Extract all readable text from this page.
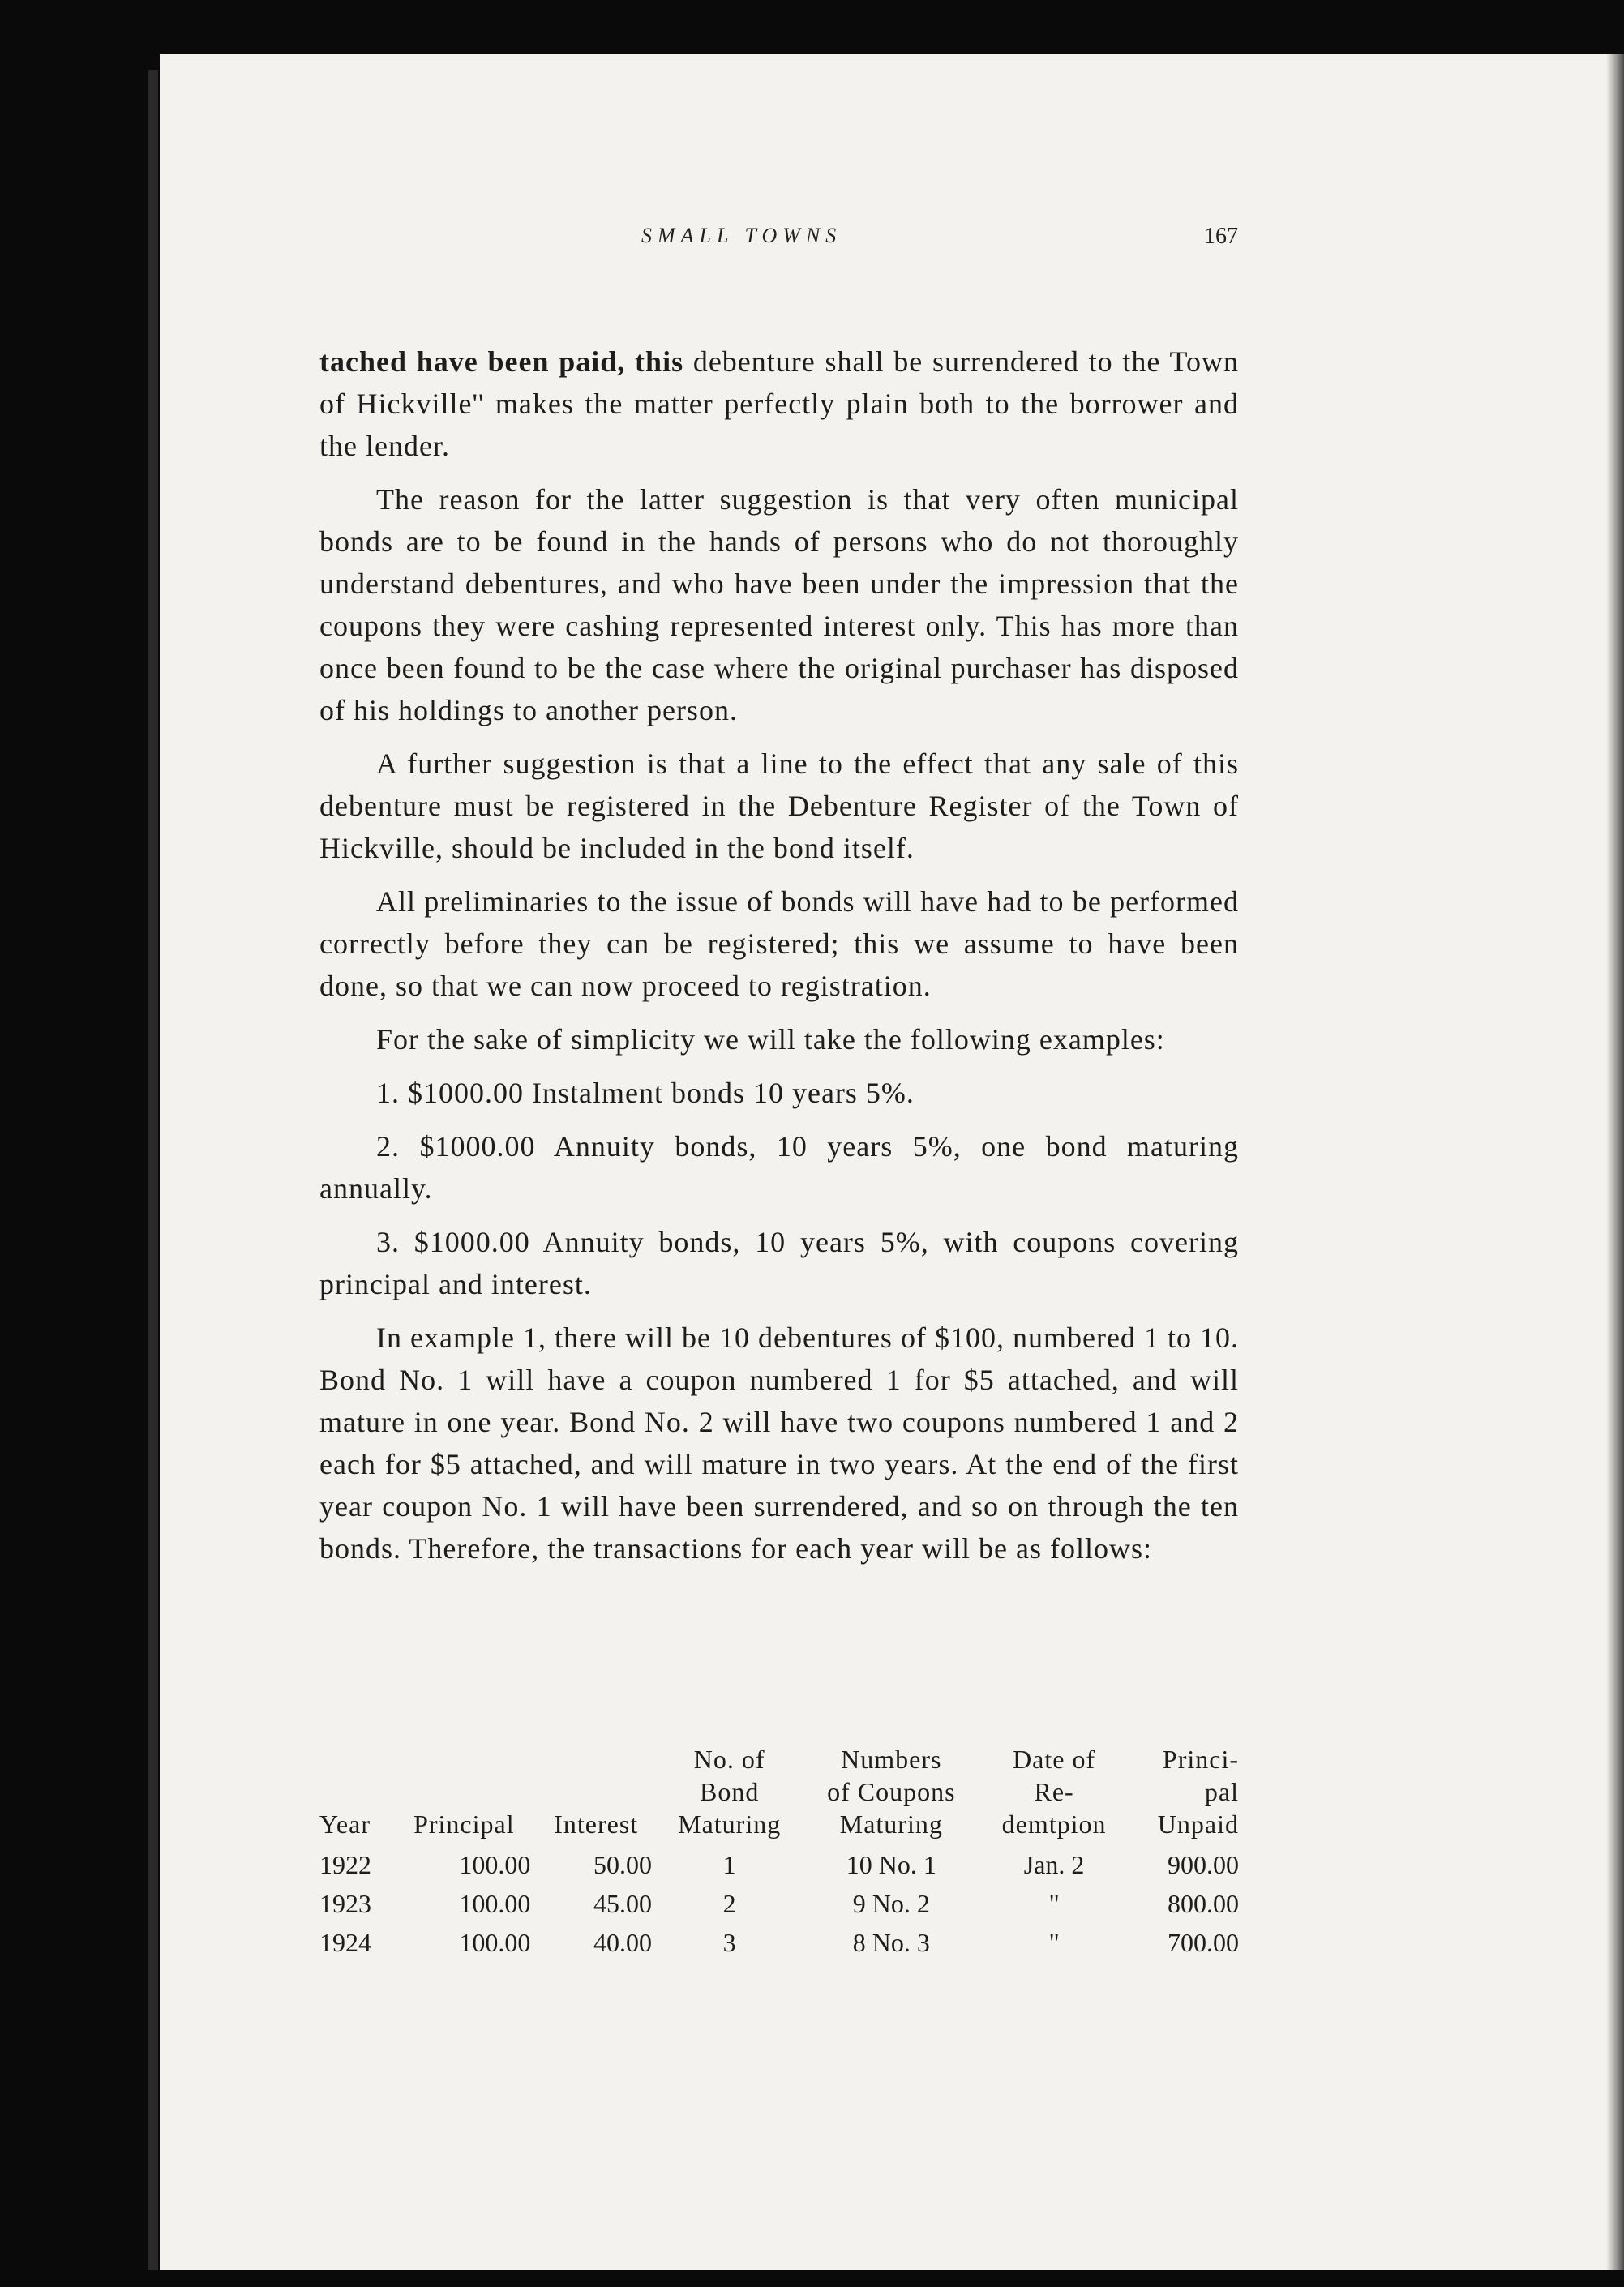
SMALL TOWNS	167

tached have been paid, this debenture shall be surrendered to the Town of Hickville'' makes the matter perfectly plain both to the borrower and the lender.

The reason for the latter suggestion is that very often municipal bonds are to be found in the hands of persons who do not thoroughly understand debentures, and who have been under the impression that the coupons they were cashing represented interest only. This has more than once been found to be the case where the original purchaser has disposed of his holdings to another person.

A further suggestion is that a line to the effect that any sale of this debenture must be registered in the Debenture Register of the Town of Hickville, should be included in the bond itself.

All preliminaries to the issue of bonds will have had to be performed correctly before they can be registered; this we assume to have been done, so that we can now proceed to registration.

For the sake of simplicity we will take the following examples:

1. $1000.00 Instalment bonds 10 years 5%.

2. $1000.00 Annuity bonds, 10 years 5%, one bond maturing annually.

3. $1000.00 Annuity bonds, 10 years 5%, with coupons covering principal and interest.

In example 1, there will be 10 debentures of $100, numbered 1 to 10. Bond No. 1 will have a coupon numbered 1 for $5 attached, and will mature in one year. Bond No. 2 will have two coupons numbered 1 and 2 each for $5 attached, and will mature in two years. At the end of the first year coupon No. 1 will have been surrendered, and so on through the ten bonds. Therefore, the transactions for each year will be as follows:

Year	Principal	Interest	No. of
Bond
Maturing	Numbers
of Coupons
Maturing	Date of
Re-
demtpion	Princi-
pal
Unpaid
1922	100.00	50.00	1	10 No. 1	Jan. 2	900.00
1923	100.00	45.00	2	9 No. 2	"	800.00
1924	100.00	40.00	3	8 No. 3	"	700.00
